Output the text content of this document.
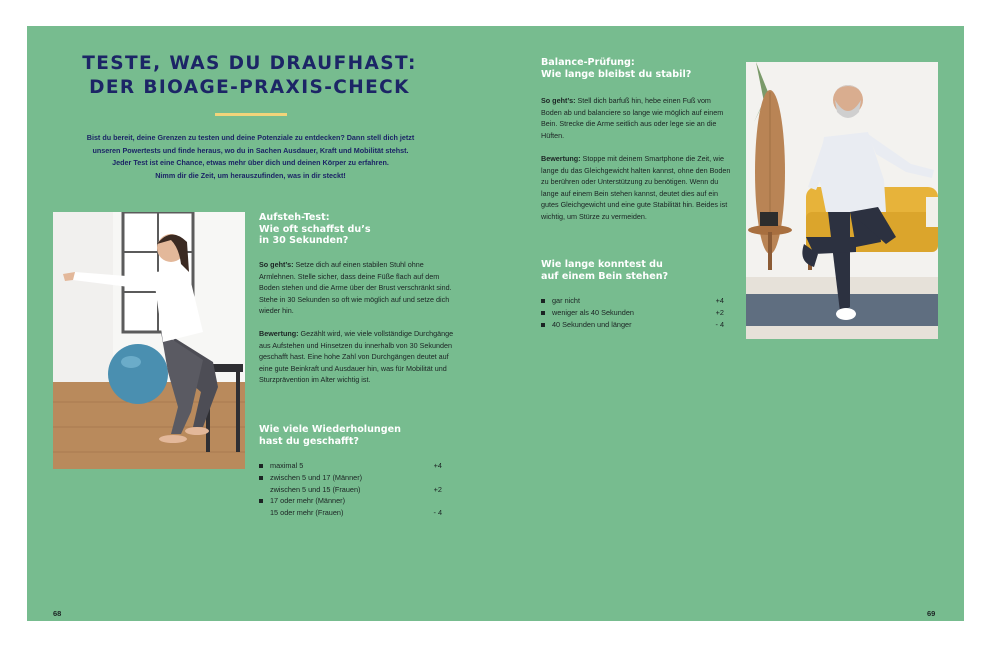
TESTE, WAS DU DRAUFHAST:
DER BIOAGE-PRAXIS-CHECK
Bist du bereit, deine Grenzen zu testen und deine Potenziale zu entdecken? Dann stell dich jetzt
unseren Powertests und finde heraus, wo du in Sachen Ausdauer, Kraft und Mobilität stehst.
Jeder Test ist eine Chance, etwas mehr über dich und deinen Körper zu erfahren.
Nimm dir die Zeit, um herauszufinden, was in dir steckt!
Aufsteh-Test:
Wie oft schaffst du’s
in 30 Sekunden?

So geht’s: Setze dich auf einen stabilen Stuhl ohne Armlehnen. Stelle sicher, dass deine Füße flach auf dem Boden stehen und die Arme über der Brust verschränkt sind. Stehe in 30 Sekunden so oft wie möglich auf und setze dich wieder hin.

Bewertung: Gezählt wird, wie viele vollständige Durchgänge aus Aufstehen und Hinsetzen du innerhalb von 30 Sekunden geschafft hast. Eine hohe Zahl von Durchgängen deutet auf eine gute Beinkraft und Ausdauer hin, was für Mobilität und Sturzprävention im Alter wichtig ist.

Wie viele Wiederholungen
hast du geschafft?
maximal 5	+4
zwischen 5 und 17 (Männer)
zwischen 5 und 15 (Frauen)	+2
17 oder mehr (Männer)
15 oder mehr (Frauen)	- 4
68
Balance-Prüfung:
Wie lange bleibst du stabil?

So geht’s: Stell dich barfuß hin, hebe einen Fuß vom Boden ab und balanciere so lange wie möglich auf einem Bein. Strecke die Arme seitlich aus oder lege sie an die Hüften.

Bewertung: Stoppe mit deinem Smartphone die Zeit, wie lange du das Gleichgewicht halten kannst, ohne den Boden zu berühren oder Unterstützung zu benötigen. Wenn du lange auf einem Bein stehen kannst, deutet dies auf ein gutes Gleichgewicht und eine gute Stabilität hin. Beides ist wichtig, um Stürze zu vermeiden.

Wie lange konntest du
auf einem Bein stehen?
gar nicht	+4
weniger als 40 Sekunden	+2
40 Sekunden und länger	- 4
69
